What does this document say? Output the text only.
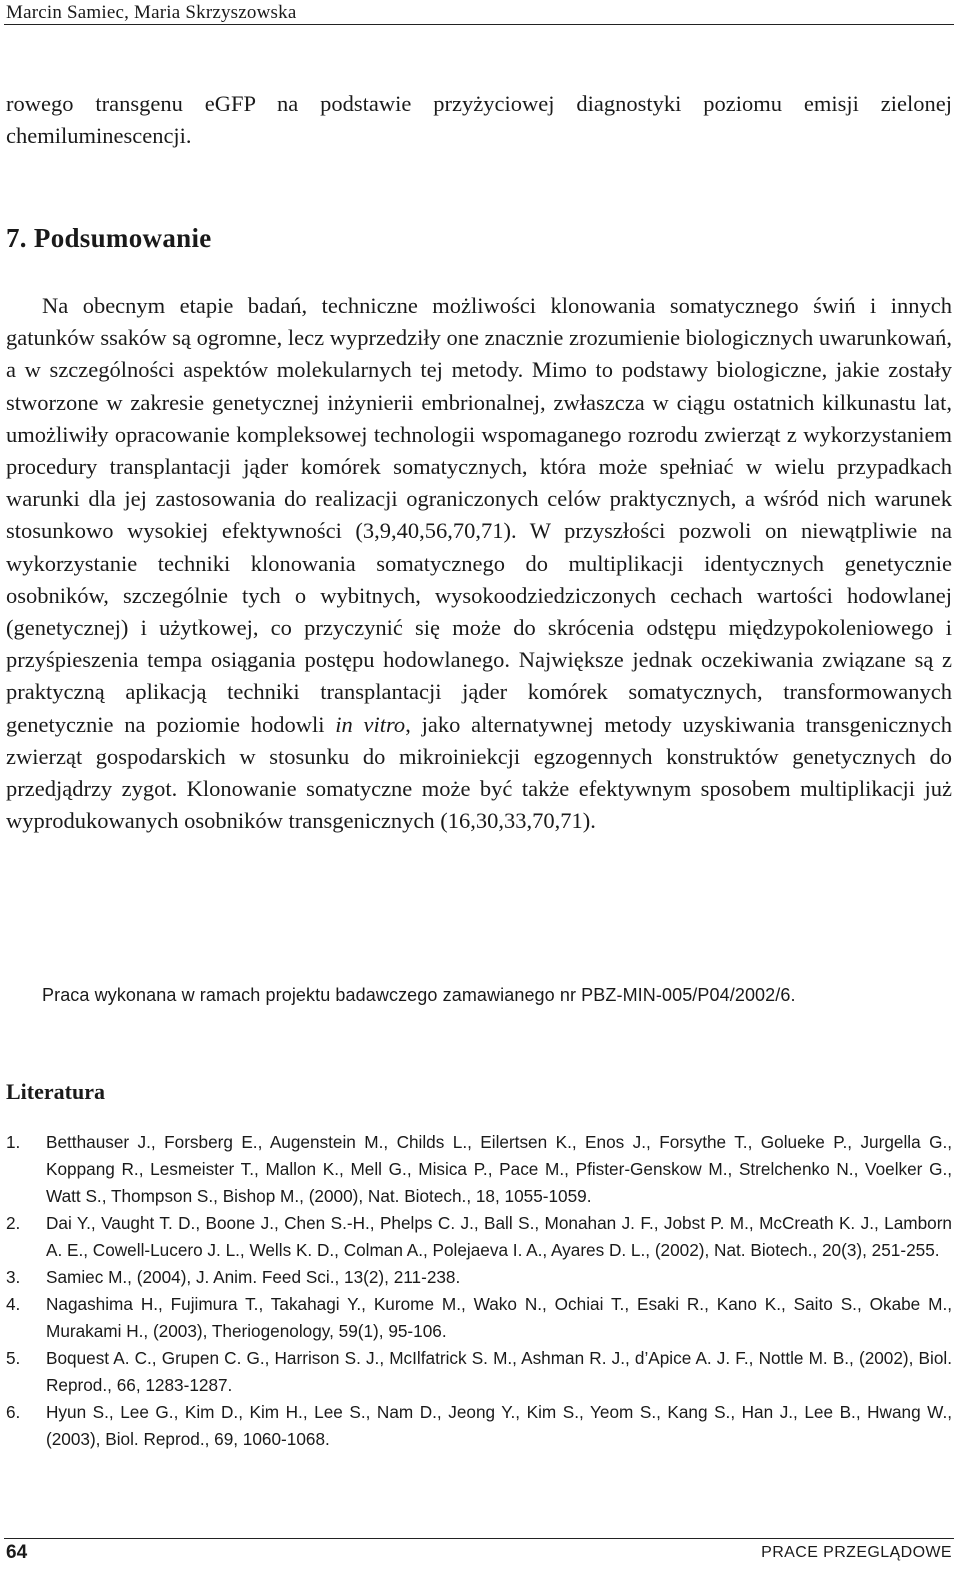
Marcin Samiec, Maria Skrzyszowska

rowego transgenu eGFP na podstawie przyżyciowej diagnostyki poziomu emisji zielonej chemiluminescencji.

7. Podsumowanie

Na obecnym etapie badań, techniczne możliwości klonowania somatycznego świń i innych gatunków ssaków są ogromne, lecz wyprzedziły one znacznie zrozumienie biologicznych uwarunkowań, a w szczególności aspektów molekularnych tej metody. Mimo to podstawy biologiczne, jakie zostały stworzone w zakresie genetycznej inżynierii embrionalnej, zwłaszcza w ciągu ostatnich kilkunastu lat, umożliwiły opracowanie kompleksowej technologii wspomaganego rozrodu zwierząt z wykorzystaniem procedury transplantacji jąder komórek somatycznych, która może spełniać w wielu przypadkach warunki dla jej zastosowania do realizacji ograniczonych celów praktycznych, a wśród nich warunek stosunkowo wysokiej efektywności (3,9,40,56,70,71). W przyszłości pozwoli on niewątpliwie na wykorzystanie techniki klonowania somatycznego do multiplikacji identycznych genetycznie osobników, szczególnie tych o wybitnych, wysokoodziedziczonych cechach wartości hodowlanej (genetycznej) i użytkowej, co przyczynić się może do skrócenia odstępu międzypokoleniowego i przyśpieszenia tempa osiągania postępu hodowlanego. Największe jednak oczekiwania związane są z praktyczną aplikacją techniki transplantacji jąder komórek somatycznych, transformowanych genetycznie na poziomie hodowli in vitro, jako alternatywnej metody uzyskiwania transgenicznych zwierząt gospodarskich w stosunku do mikroiniekcji egzogennych konstruktów genetycznych do przedjądrzy zygot. Klonowanie somatyczne może być także efektywnym sposobem multiplikacji już wyprodukowanych osobników transgenicznych (16,30,33,70,71).

Praca wykonana w ramach projektu badawczego zamawianego nr PBZ-MIN-005/P04/2002/6.
Literatura
1. Betthauser J., Forsberg E., Augenstein M., Childs L., Eilertsen K., Enos J., Forsythe T., Golueke P., Jurgella G., Koppang R., Lesmeister T., Mallon K., Mell G., Misica P., Pace M., Pfister-Genskow M., Strelchenko N., Voelker G., Watt S., Thompson S., Bishop M., (2000), Nat. Biotech., 18, 1055-1059.
2. Dai Y., Vaught T. D., Boone J., Chen S.-H., Phelps C. J., Ball S., Monahan J. F., Jobst P. M., McCreath K. J., Lamborn A. E., Cowell-Lucero J. L., Wells K. D., Colman A., Polejaeva I. A., Ayares D. L., (2002), Nat. Biotech., 20(3), 251-255.
3. Samiec M., (2004), J. Anim. Feed Sci., 13(2), 211-238.
4. Nagashima H., Fujimura T., Takahagi Y., Kurome M., Wako N., Ochiai T., Esaki R., Kano K., Saito S., Okabe M., Murakami H., (2003), Theriogenology, 59(1), 95-106.
5. Boquest A. C., Grupen C. G., Harrison S. J., McIlfatrick S. M., Ashman R. J., d’Apice A. J. F., Nottle M. B., (2002), Biol. Reprod., 66, 1283-1287.
6. Hyun S., Lee G., Kim D., Kim H., Lee S., Nam D., Jeong Y., Kim S., Yeom S., Kang S., Han J., Lee B., Hwang W., (2003), Biol. Reprod., 69, 1060-1068.
64	PRACE PRZEGLĄDOWE
